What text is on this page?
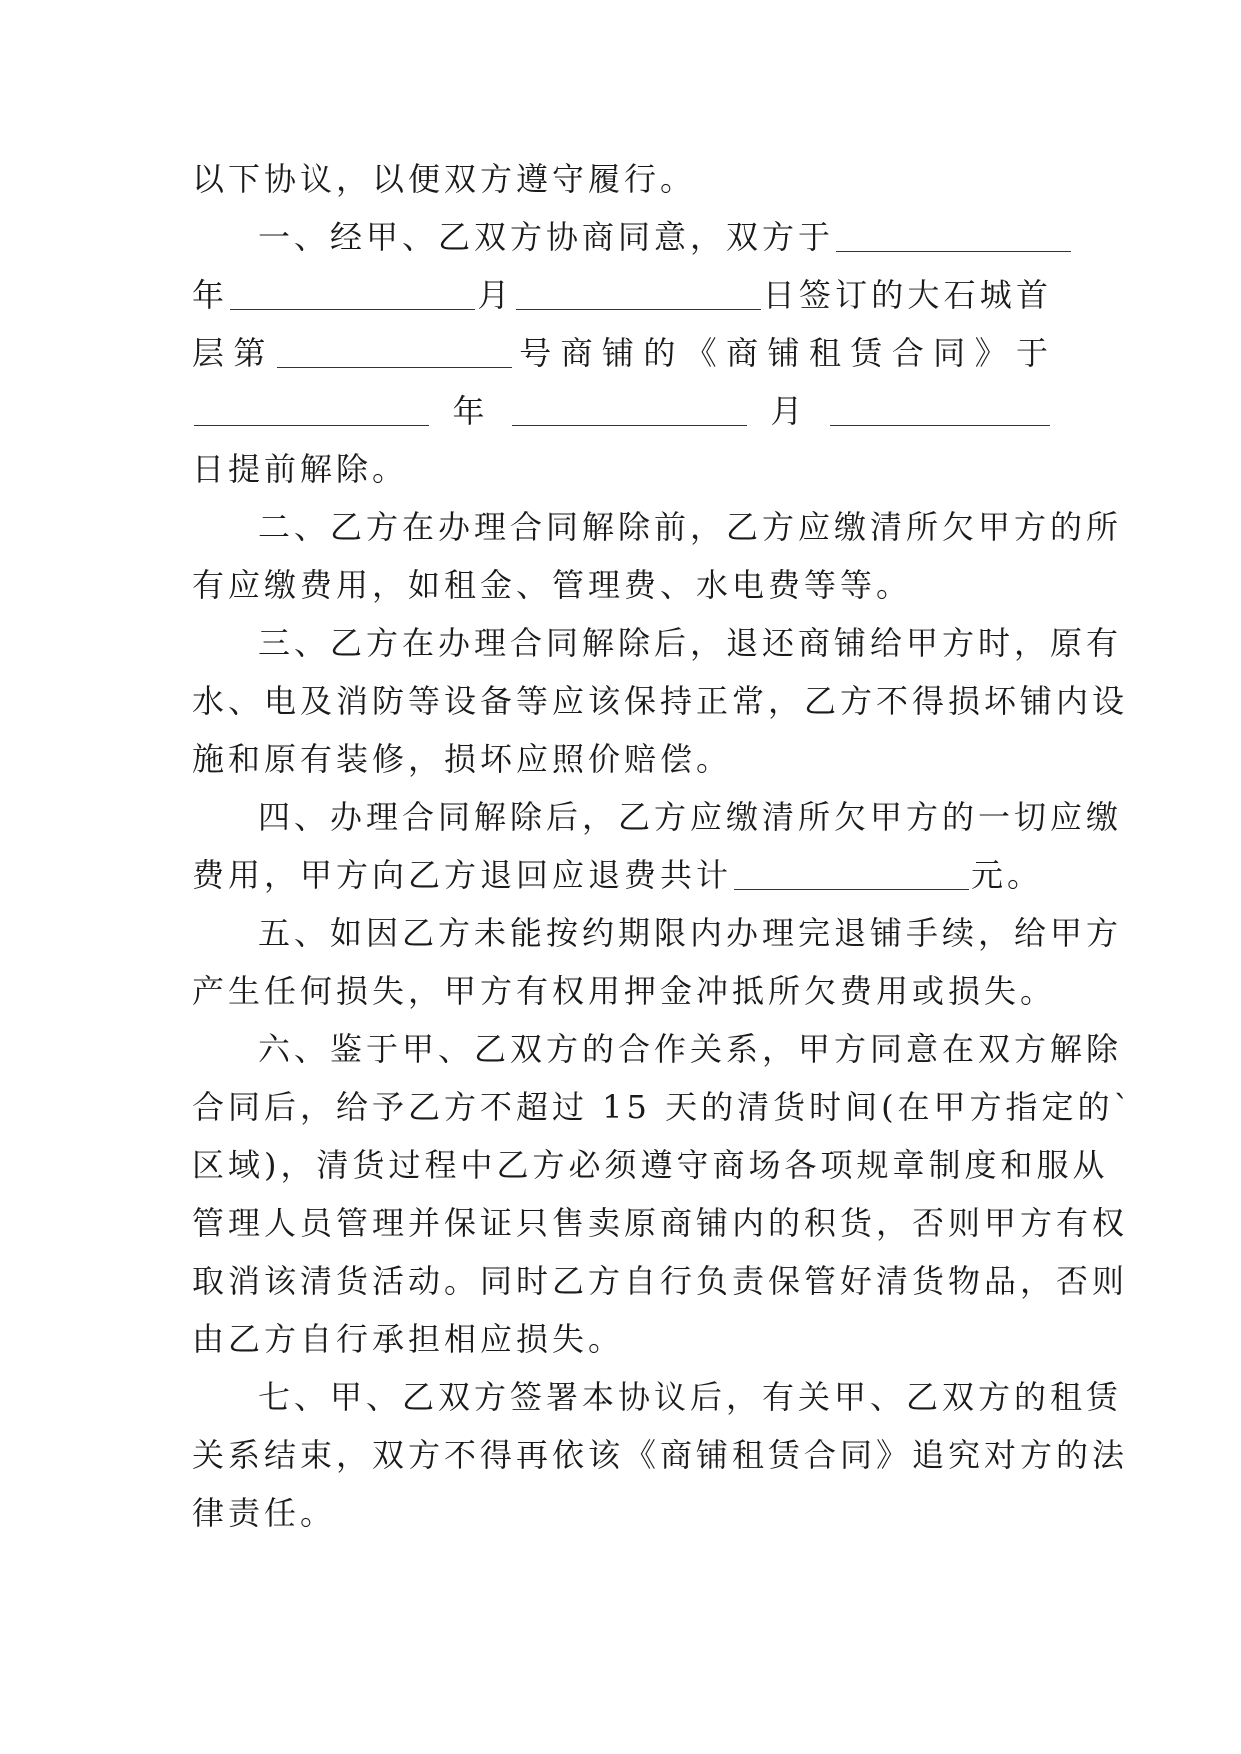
以下协议，以便双方遵守履行。
一、经甲、乙双方协商同意，双方于
年	月	日签订的大石城首
层第	号商铺的《商铺租赁合同》于
年	月
日提前解除。
二、乙方在办理合同解除前，乙方应缴清所欠甲方的所
有应缴费用，如租金、管理费、水电费等等。
三、乙方在办理合同解除后，退还商铺给甲方时，原有
水、电及消防等设备等应该保持正常，乙方不得损坏铺内设
施和原有装修，损坏应照价赔偿。
四、办理合同解除后，乙方应缴清所欠甲方的一切应缴
费用，甲方向乙方退回应退费共计	元。
五、如因乙方未能按约期限内办理完退铺手续，给甲方
产生任何损失，甲方有权用押金冲抵所欠费用或损失。
六、鉴于甲、乙双方的合作关系，甲方同意在双方解除
合同后，给予乙方不超过 15 天的清货时间(在甲方指定的`
区域)，清货过程中乙方必须遵守商场各项规章制度和服从
管理人员管理并保证只售卖原商铺内的积货，否则甲方有权
取消该清货活动。同时乙方自行负责保管好清货物品，否则
由乙方自行承担相应损失。
七、甲、乙双方签署本协议后，有关甲、乙双方的租赁
关系结束，双方不得再依该《商铺租赁合同》追究对方的法
律责任。
